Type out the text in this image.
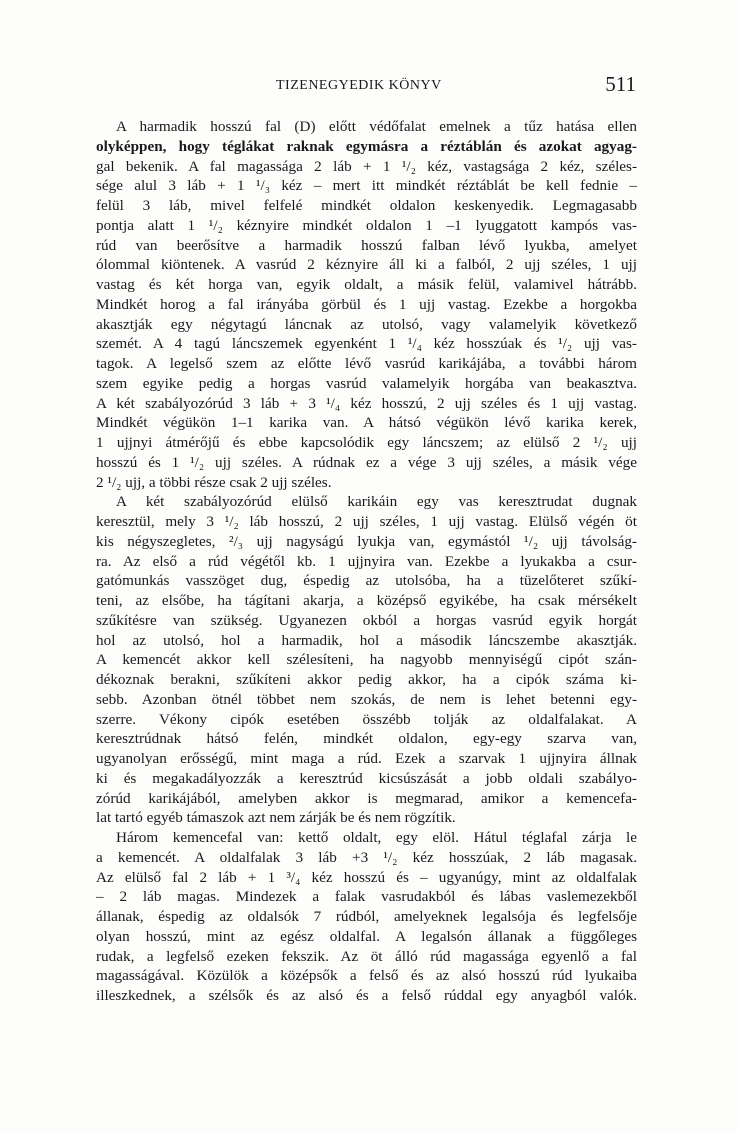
TIZENEGYEDIK KÖNYV	511
A harmadik hosszú fal (D) előtt védőfalat emelnek a tűz hatása ellen
olyképpen, hogy téglákat raknak egymásra a réztáblán és azokat agyag-
gal bekenik. A fal magassága 2 láb + 1 ¹/₂ kéz, vastagsága 2 kéz, széles-
sége alul 3 láb + 1 ¹/₃ kéz – mert itt mindkét réztáblát be kell fednie –
felül 3 láb, mivel felfelé mindkét oldalon keskenyedik. Legmagasabb
pontja alatt 1 ¹/₂ kéznyire mindkét oldalon 1 –1 lyuggatott kampós vas-
rúd van beerősítve a harmadik hosszú falban lévő lyukba, amelyet
ólommal kiöntenek. A vasrúd 2 kéznyire áll ki a falból, 2 ujj széles, 1 ujj
vastag és két horga van, egyik oldalt, a másik felül, valamivel hátrább.
Mindkét horog a fal irányába görbül és 1 ujj vastag. Ezekbe a horgokba
akasztják egy négytagú láncnak az utolsó, vagy valamelyik következő
szemét. A 4 tagú láncszemek egyenként 1 ¹/₄ kéz hosszúak és ¹/₂ ujj vas-
tagok. A legelső szem az előtte lévő vasrúd karikájába, a további három
szem egyike pedig a horgas vasrúd valamelyik horgába van beakasztva.
A két szabályozórúd 3 láb + 3 ¹/₄ kéz hosszú, 2 ujj széles és 1 ujj vastag.
Mindkét végükön 1–1 karika van. A hátsó végükön lévő karika kerek,
1 ujjnyi átmérőjű és ebbe kapcsolódik egy láncszem; az elülső 2 ¹/₂ ujj
hosszú és 1 ¹/₂ ujj széles. A rúdnak ez a vége 3 ujj széles, a másik vége
2 ¹/₂ ujj, a többi része csak 2 ujj széles.
A két szabályozórúd elülső karikáin egy vas keresztrudat dugnak
keresztül, mely 3 ¹/₂ láb hosszú, 2 ujj széles, 1 ujj vastag. Elülső végén öt
kis négyszegletes, ²/₃ ujj nagyságú lyukja van, egymástól ¹/₂ ujj távolság-
ra. Az első a rúd végétől kb. 1 ujjnyira van. Ezekbe a lyukakba a csur-
gatómunkás vasszöget dug, éspedig az utolsóba, ha a tüzelőteret szűkí-
teni, az elsőbe, ha tágítani akarja, a középső egyikébe, ha csak mérsékelt
szűkítésre van szükség. Ugyanezen okból a horgas vasrúd egyik horgát
hol az utolsó, hol a harmadik, hol a második láncszembe akasztják.
A kemencét akkor kell szélesíteni, ha nagyobb mennyiségű cipót szán-
dékoznak berakni, szűkíteni akkor pedig akkor, ha a cipók száma ki-
sebb. Azonban ötnél többet nem szokás, de nem is lehet betenni egy-
szerre. Vékony cipók esetében összébb tolják az oldalfalakat. A
keresztrúdnak hátsó felén, mindkét oldalon, egy-egy szarva van,
ugyanolyan erősségű, mint maga a rúd. Ezek a szarvak 1 ujjnyira állnak
ki és megakadályozzák a keresztrúd kicsúszását a jobb oldali szabályo-
zórúd karikájából, amelyben akkor is megmarad, amikor a kemencefa-
lat tartó egyéb támaszok azt nem zárják be és nem rögzítik.
Három kemencefal van: kettő oldalt, egy elöl. Hátul téglafal zárja le
a kemencét. A oldalfalak 3 láb +3 ¹/₂ kéz hosszúak, 2 láb magasak.
Az elülső fal 2 láb + 1 ³/₄ kéz hosszú és – ugyanúgy, mint az oldalfalak
– 2 láb magas. Mindezek a falak vasrudakból és lábas vaslemezekből
állanak, éspedig az oldalsók 7 rúdból, amelyeknek legalsója és legfelsője
olyan hosszú, mint az egész oldalfal. A legalsón állanak a függőleges
rudak, a legfelső ezeken fekszik. Az öt álló rúd magassága egyenlő a fal
magasságával. Közülök a középsők a felső és az alsó hosszú rúd lyukaiba
illeszkednek, a szélsők és az alsó és a felső rúddal egy anyagból valók.
